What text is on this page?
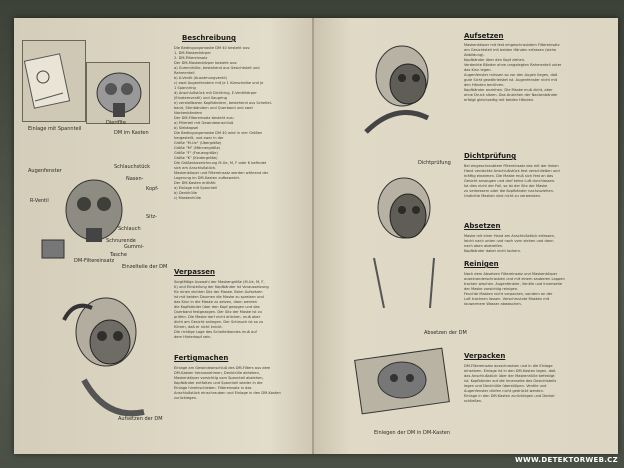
Einlage mit Spannteil
Dieriflte
DM im Kasten
Augenfenster
Schlauchstück
Nasen-
Kopf-
R-Ventil
Sitz-
Schlauch
Gummi-
Schnurende
Tasche
DM-Filtereinsatz
Einzelteile der DM
Aufsetzen der DM
Beschreibung
Die Bedingungsmaske DM 40 besteht aus:
1. DM-Maskenkörper
2. DM-Filtereinsatz
Der DM-Maskenkörper besteht aus:
a) Gummihülle, bestehend aus Gesichtsteil und
Rahmenteil
b) A-Ventil (Ausatmungventil)
c) zwei Augenfenstern mit je 1 Klarscheibe und je
1 Spannring
d) Anschlußstück mit Dichtring, E-Ventilkörper
(Einatemventil) und Saugring
e) verstellbaren Kopfbändern, bestehend aus Scheitel-
band, Stirnbändern und Querband und zwei
Nackenbändern
Der DM-Filtereinsatz besteht aus:
a) Filterteil mit Gewindeanschluß
b) Siebkapsel
Die Bedingungsmaske DM 40 wird in vier Größen
hergestellt, und zwar in der
Größe "M-Ue" (Übergröße)
Größe "M" (Männergröße)
Größe "F" (Frauengröße)
Größe "K" (Kindergröße)
Die Größenbezeichnung M-Ue, M, F oder K befindet
sich am Anschlußstück.
Maskenkörper und Filtereinsatz werden während der
Lagerung im DM-Kasten aufbewahrt.
Der DM-Kasten enthält:
a) Einlage mit Spannteil
b) Denkhülle
c) Maskenhülle
Verpassen
Sorgfältige Auswahl der Maskengröße (M-Ue, M, F,
K) und Einstellung der Kopfbänder ist Voraussetzung
für einen dichten Sitz der Maske. Beim Aufsetzen
ist mit beiden Daumen die Maske zu spreizen und
das Kinn in die Maske zu setzen, dann werden
die Kopfbänder über den Kopf gezogen und das
Querband festgezogen. Der Sitz der Maske ist zu
prüfen. Die Maske darf nicht drücken, muß aber
dicht am Gesicht anliegen. Der Schlauch ist so zu
führen, daß er nicht knickt.
Die richtige Lage des Scheitelbandes muß auf
dem Hinterkopf sein.
Fertigmachen
Einlage am Gewindeanschluß des DM-Filters aus dem
DM-Kasten herausnehmen, Denkhülle abheben,
Maskenkörper vorsichtig vom Spannteil abziehen,
Kopfbänder entfalten und Spannteil wieder in die
Einlage hineinschieben. Filtereinsatz in das
Anschlußstück einschrauben und Einlage in den DM-Kasten
zurücklegen.
Dichtprüfung
Absetzen der DM
Einlegen der DM in DM-Kasten
Aufsetzen
Maskenkörper mit fest eingeschraubtem Filtereinsatz
am Gesichtsteil mit beiden Händen erfassen (siehe
Abbildung).
Kopfbänder über den Kopf ziehen.
Verdeckte Bänder ohne umgelegten Rahmenteil unter
das Kinn legen.
Augenfenster müssen so vor den Augen liegen, daß
gute Sicht gewährleistet ist. Augenfenster nicht mit
den Händen berühren.
Kopfbänder anziehen. Die Maske muß dicht, aber
ohne Druck sitzen. Das Anziehen der Nackenbänder
erfolgt gleichzeitig mit beiden Händen.
Dichtprüfung
Bei eingeschraubtem Filtereinsatz das mit der linken
Hand verdeckte Anschlußstück fest verschließen und
kräftig einatmen. Die Maske muß sich fest an das
Gesicht ansaugen und darf keine Luft durchlassen.
Ist dies nicht der Fall, so ist der Sitz der Maske
zu verbessern oder die Kopfbänder nachzuziehen.
Undichte Masken sind nicht zu verwenden.
Absetzen
Maske mit einer Hand am Anschlußstück erfassen,
leicht nach unten und nach vorn ziehen und dann
nach oben abstreifen.
Kopfbänder dabei nicht lockern.
Reinigen
Nach dem Absetzen Filtereinsatz und Maskenkörper
auseinanderschrauben und mit einem sauberen Lappen
trocken wischen. Augenfenster, Ventile und Innenseite
der Maske vorsichtig reinigen.
Feuchte Masken nicht verpacken, sondern an der
Luft trocknen lassen. Verschmutzte Masken mit
lauwarmem Wasser abwaschen.
Verpacken
DM-Filtereinsatz ausschrauben und in die Einlage
einsetzen. Einlage ist in den DM-Kasten legen, daß
das Anschlußstück über der Maskenhülle befestigt
ist. Kopfbänder auf die Innenseite des Gesichtsteils
legen und Denkhülle überstülpen. Ventile und
Augenfenster dürfen nicht gedrückt werden.
Einlage in den DM-Kasten zurücklegen und Deckel
schließen.
WWW.DETEKTORWEB.CZ
